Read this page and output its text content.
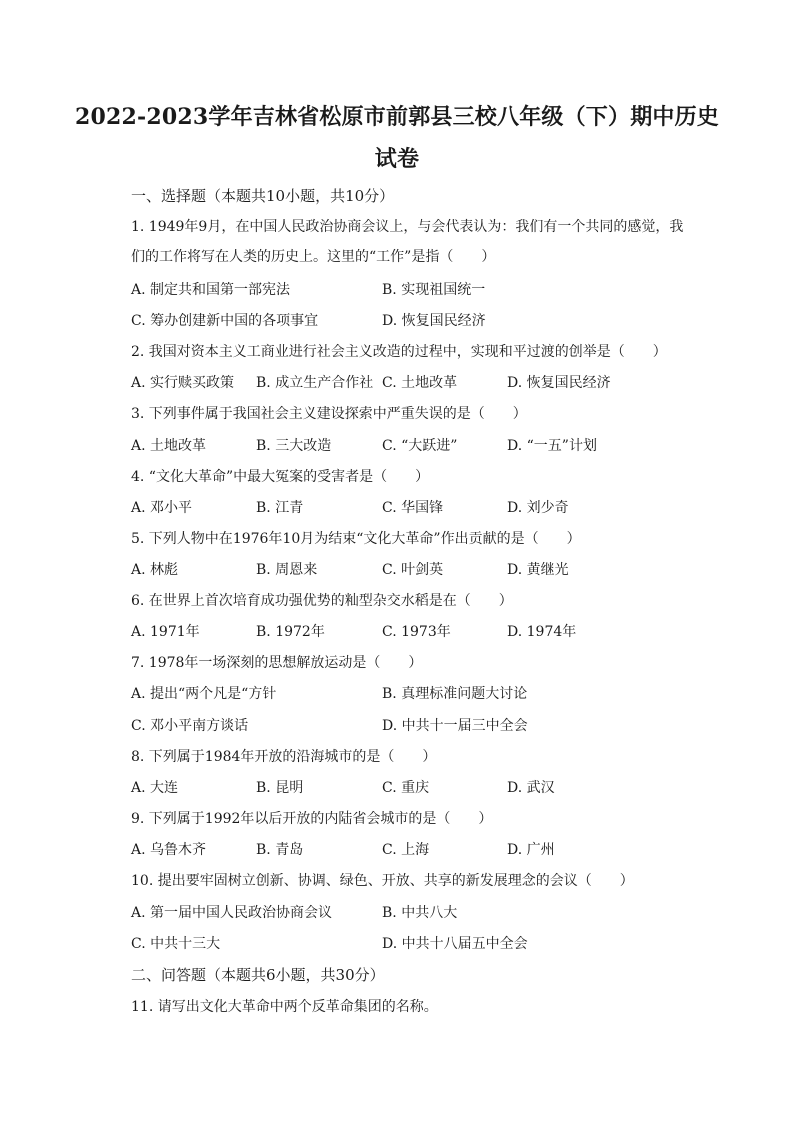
2022-2023学年吉林省松原市前郭县三校八年级（下）期中历史
试卷
一、选择题（本题共10小题，共10分）
1. 1949年9月，在中国人民政治协商会议上，与会代表认为：我们有一个共同的感觉，我
们的工作将写在人类的历史上。这里的“工作”是指（　　）
A. 制定共和国第一部宪法	B. 实现祖国统一
C. 筹办创建新中国的各项事宜	D. 恢复国民经济
2. 我国对资本主义工商业进行社会主义改造的过程中，实现和平过渡的创举是（　　）
A. 实行赎买政策 B. 成立生产合作社 C. 土地改革	D. 恢复国民经济
3. 下列事件属于我国社会主义建设探索中严重失误的是（　　）
A. 土地改革	B. 三大改造	C. “大跃进”	D. “一五”计划
4. “文化大革命”中最大冤案的受害者是（　　）
A. 邓小平	B. 江青	C. 华国锋	D. 刘少奇
5. 下列人物中在1976年10月为结束“文化大革命”作出贡献的是（　　）
A. 林彪	B. 周恩来	C. 叶剑英	D. 黄继光
6. 在世界上首次培育成功强优势的籼型杂交水稻是在（　　）
A. 1971年	B. 1972年	C. 1973年	D. 1974年
7. 1978年一场深刻的思想解放运动是（　　）
A. 提出“两个凡是“方针	B. 真理标准问题大讨论
C. 邓小平南方谈话	D. 中共十一届三中全会
8. 下列属于1984年开放的沿海城市的是（　　）
A. 大连	B. 昆明	C. 重庆	D. 武汉
9. 下列属于1992年以后开放的内陆省会城市的是（　　）
A. 乌鲁木齐	B. 青岛	C. 上海	D. 广州
10. 提出要牢固树立创新、协调、绿色、开放、共享的新发展理念的会议（　　）
A. 第一届中国人民政治协商会议	B. 中共八大
C. 中共十三大	D. 中共十八届五中全会
二、问答题（本题共6小题，共30分）
11. 请写出文化大革命中两个反革命集团的名称。
